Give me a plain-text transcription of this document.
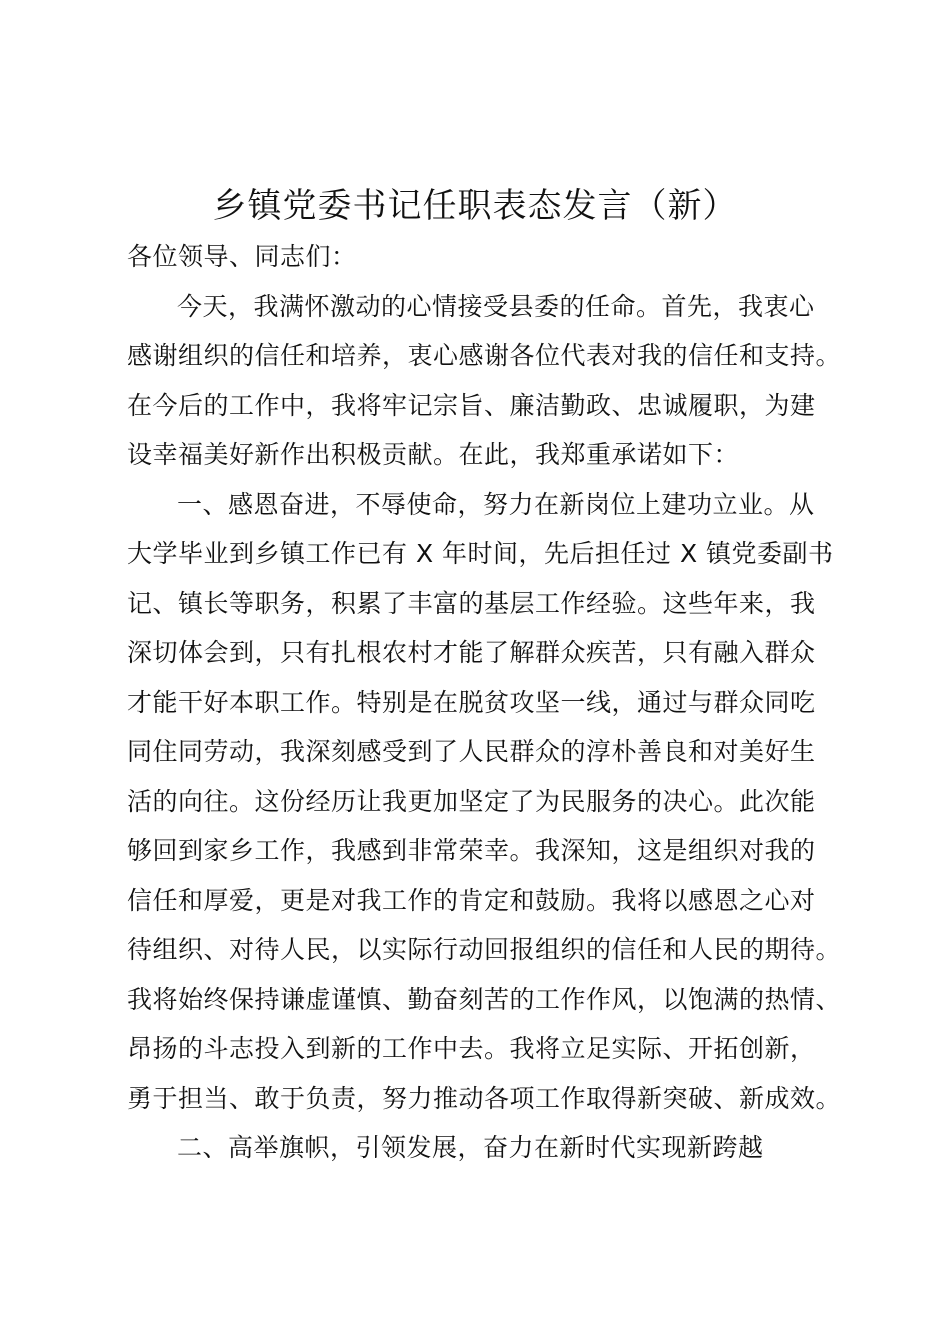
乡镇党委书记任职表态发言（新）

各位领导、同志们：

今天，我满怀激动的心情接受县委的任命。首先，我衷心
感谢组织的信任和培养，衷心感谢各位代表对我的信任和支持。
在今后的工作中，我将牢记宗旨、廉洁勤政、忠诚履职，为建
设幸福美好新作出积极贡献。在此，我郑重承诺如下：

一、感恩奋进，不辱使命，努力在新岗位上建功立业。从
大学毕业到乡镇工作已有 X 年时间，先后担任过 X 镇党委副书
记、镇长等职务，积累了丰富的基层工作经验。这些年来，我
深切体会到，只有扎根农村才能了解群众疾苦，只有融入群众
才能干好本职工作。特别是在脱贫攻坚一线，通过与群众同吃
同住同劳动，我深刻感受到了人民群众的淳朴善良和对美好生
活的向往。这份经历让我更加坚定了为民服务的决心。此次能
够回到家乡工作，我感到非常荣幸。我深知，这是组织对我的
信任和厚爱，更是对我工作的肯定和鼓励。我将以感恩之心对
待组织、对待人民，以实际行动回报组织的信任和人民的期待。
我将始终保持谦虚谨慎、勤奋刻苦的工作作风，以饱满的热情、
昂扬的斗志投入到新的工作中去。我将立足实际、开拓创新，
勇于担当、敢于负责，努力推动各项工作取得新突破、新成效。

二、高举旗帜，引领发展，奋力在新时代实现新跨越
